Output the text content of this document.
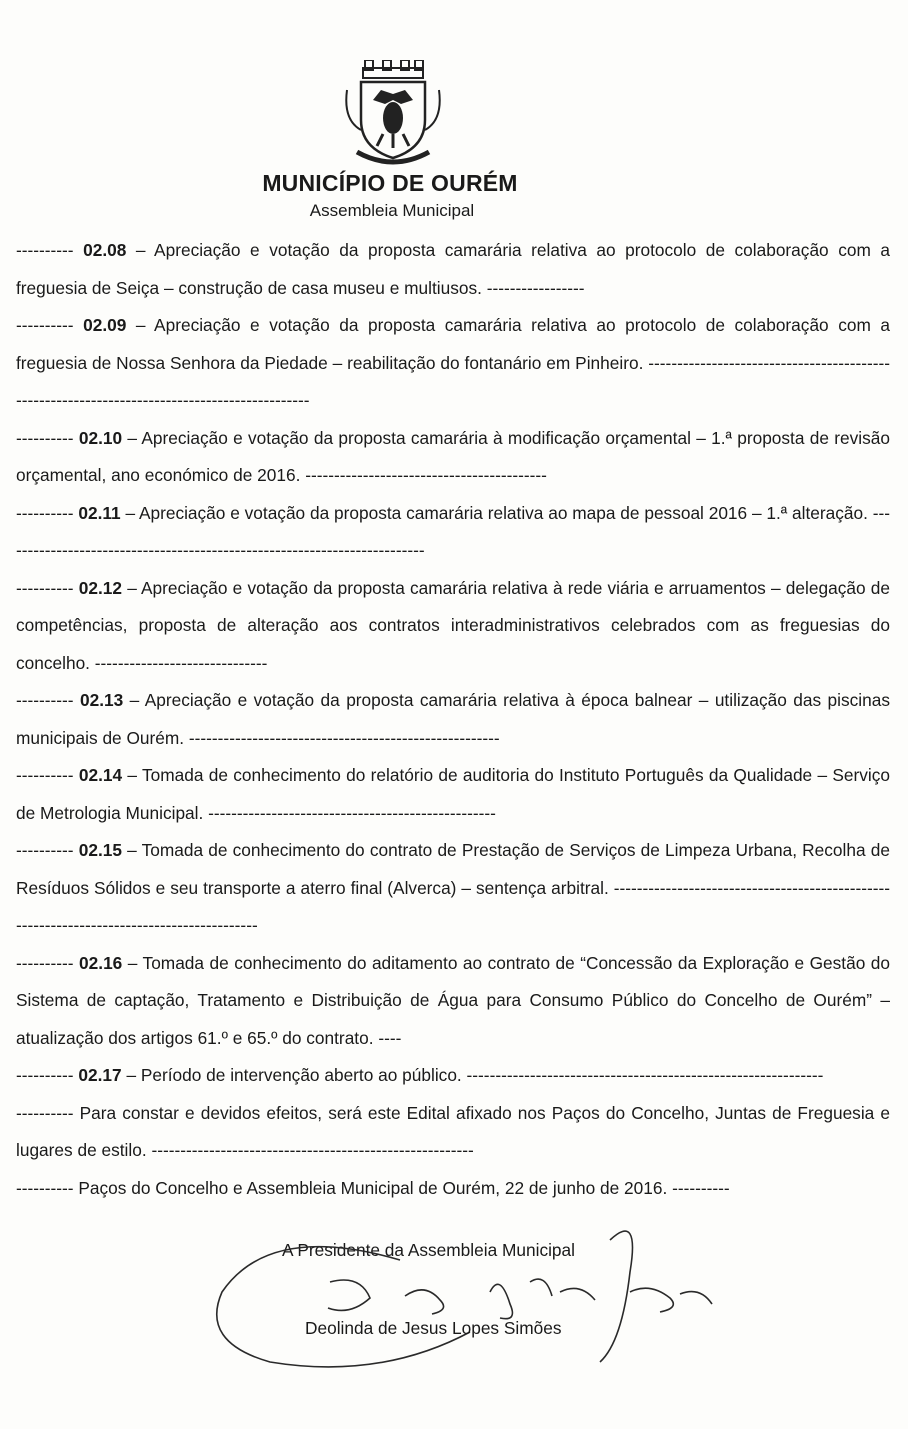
MUNICÍPIO DE OURÉM
Assembleia Municipal

---------- 02.08 – Apreciação e votação da proposta camarária relativa ao protocolo de colaboração com a freguesia de Seiça – construção de casa museu e multiusos. -----------------

---------- 02.09 – Apreciação e votação da proposta camarária relativa ao protocolo de colaboração com a freguesia de Nossa Senhora da Piedade – reabilitação do fontanário em Pinheiro. ---------------------------------------------------------------------------------------------

---------- 02.10 – Apreciação e votação da proposta camarária à modificação orçamental – 1.ª proposta de revisão orçamental, ano económico de 2016. ------------------------------------------

---------- 02.11 – Apreciação e votação da proposta camarária relativa ao mapa de pessoal 2016 – 1.ª alteração. --------------------------------------------------------------------------

---------- 02.12 – Apreciação e votação da proposta camarária relativa à rede viária e arruamentos – delegação de competências, proposta de alteração aos contratos interadministrativos celebrados com as freguesias do concelho. ------------------------------

---------- 02.13 – Apreciação e votação da proposta camarária relativa à época balnear – utilização das piscinas municipais de Ourém. ------------------------------------------------------

---------- 02.14 – Tomada de conhecimento do relatório de auditoria do Instituto Português da Qualidade – Serviço de Metrologia Municipal. --------------------------------------------------

---------- 02.15 – Tomada de conhecimento do contrato de Prestação de Serviços de Limpeza Urbana, Recolha de Resíduos Sólidos e seu transporte a aterro final (Alverca) – sentença arbitral. ------------------------------------------------------------------------------------------

---------- 02.16 – Tomada de conhecimento do aditamento ao contrato de “Concessão da Exploração e Gestão do Sistema de captação, Tratamento e Distribuição de Água para Consumo Público do Concelho de Ourém” – atualização dos artigos 61.º e 65.º do contrato. ----

---------- 02.17 – Período de intervenção aberto ao público. --------------------------------------------------------------

---------- Para constar e devidos efeitos, será este Edital afixado nos Paços do Concelho, Juntas de Freguesia e lugares de estilo. --------------------------------------------------------

---------- Paços do Concelho e Assembleia Municipal de Ourém, 22 de junho de 2016. ----------

A Presidente da Assembleia Municipal
Deolinda de Jesus Lopes Simões
